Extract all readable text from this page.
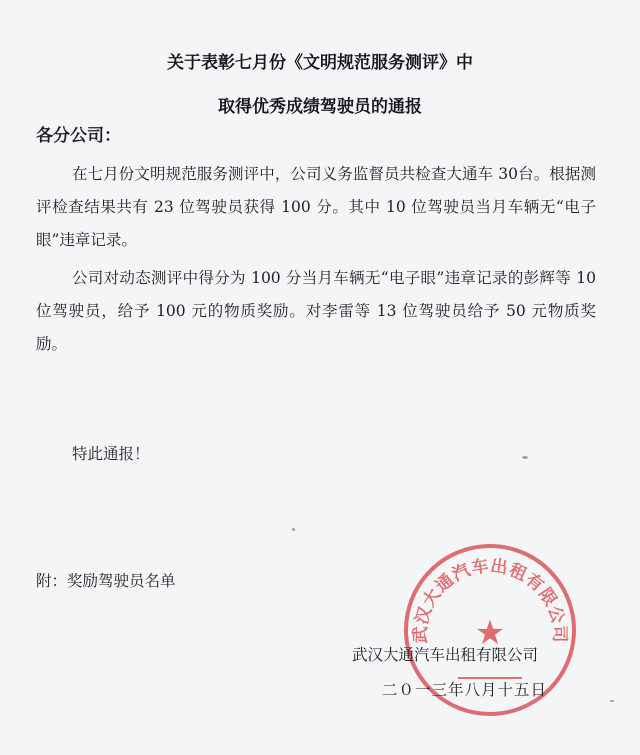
关于表彰七月份《文明规范服务测评》中
取得优秀成绩驾驶员的通报
各分公司：

在七月份文明规范服务测评中，公司义务监督员共检查大通车 30台。根据测评检查结果共有 23 位驾驶员获得 100 分。其中 10 位驾驶员当月车辆无“电子眼”违章记录。

公司对动态测评中得分为 100 分当月车辆无“电子眼”违章记录的彭辉等 10 位驾驶员，给予 100 元的物质奖励。对李雷等 13 位驾驶员给予 50 元物质奖励。

特此通报！
附：奖励驾驶员名单
武汉大通汽车出租有限公司
★
武汉大通汽车出租有限公司
二０一三年八月十五日
